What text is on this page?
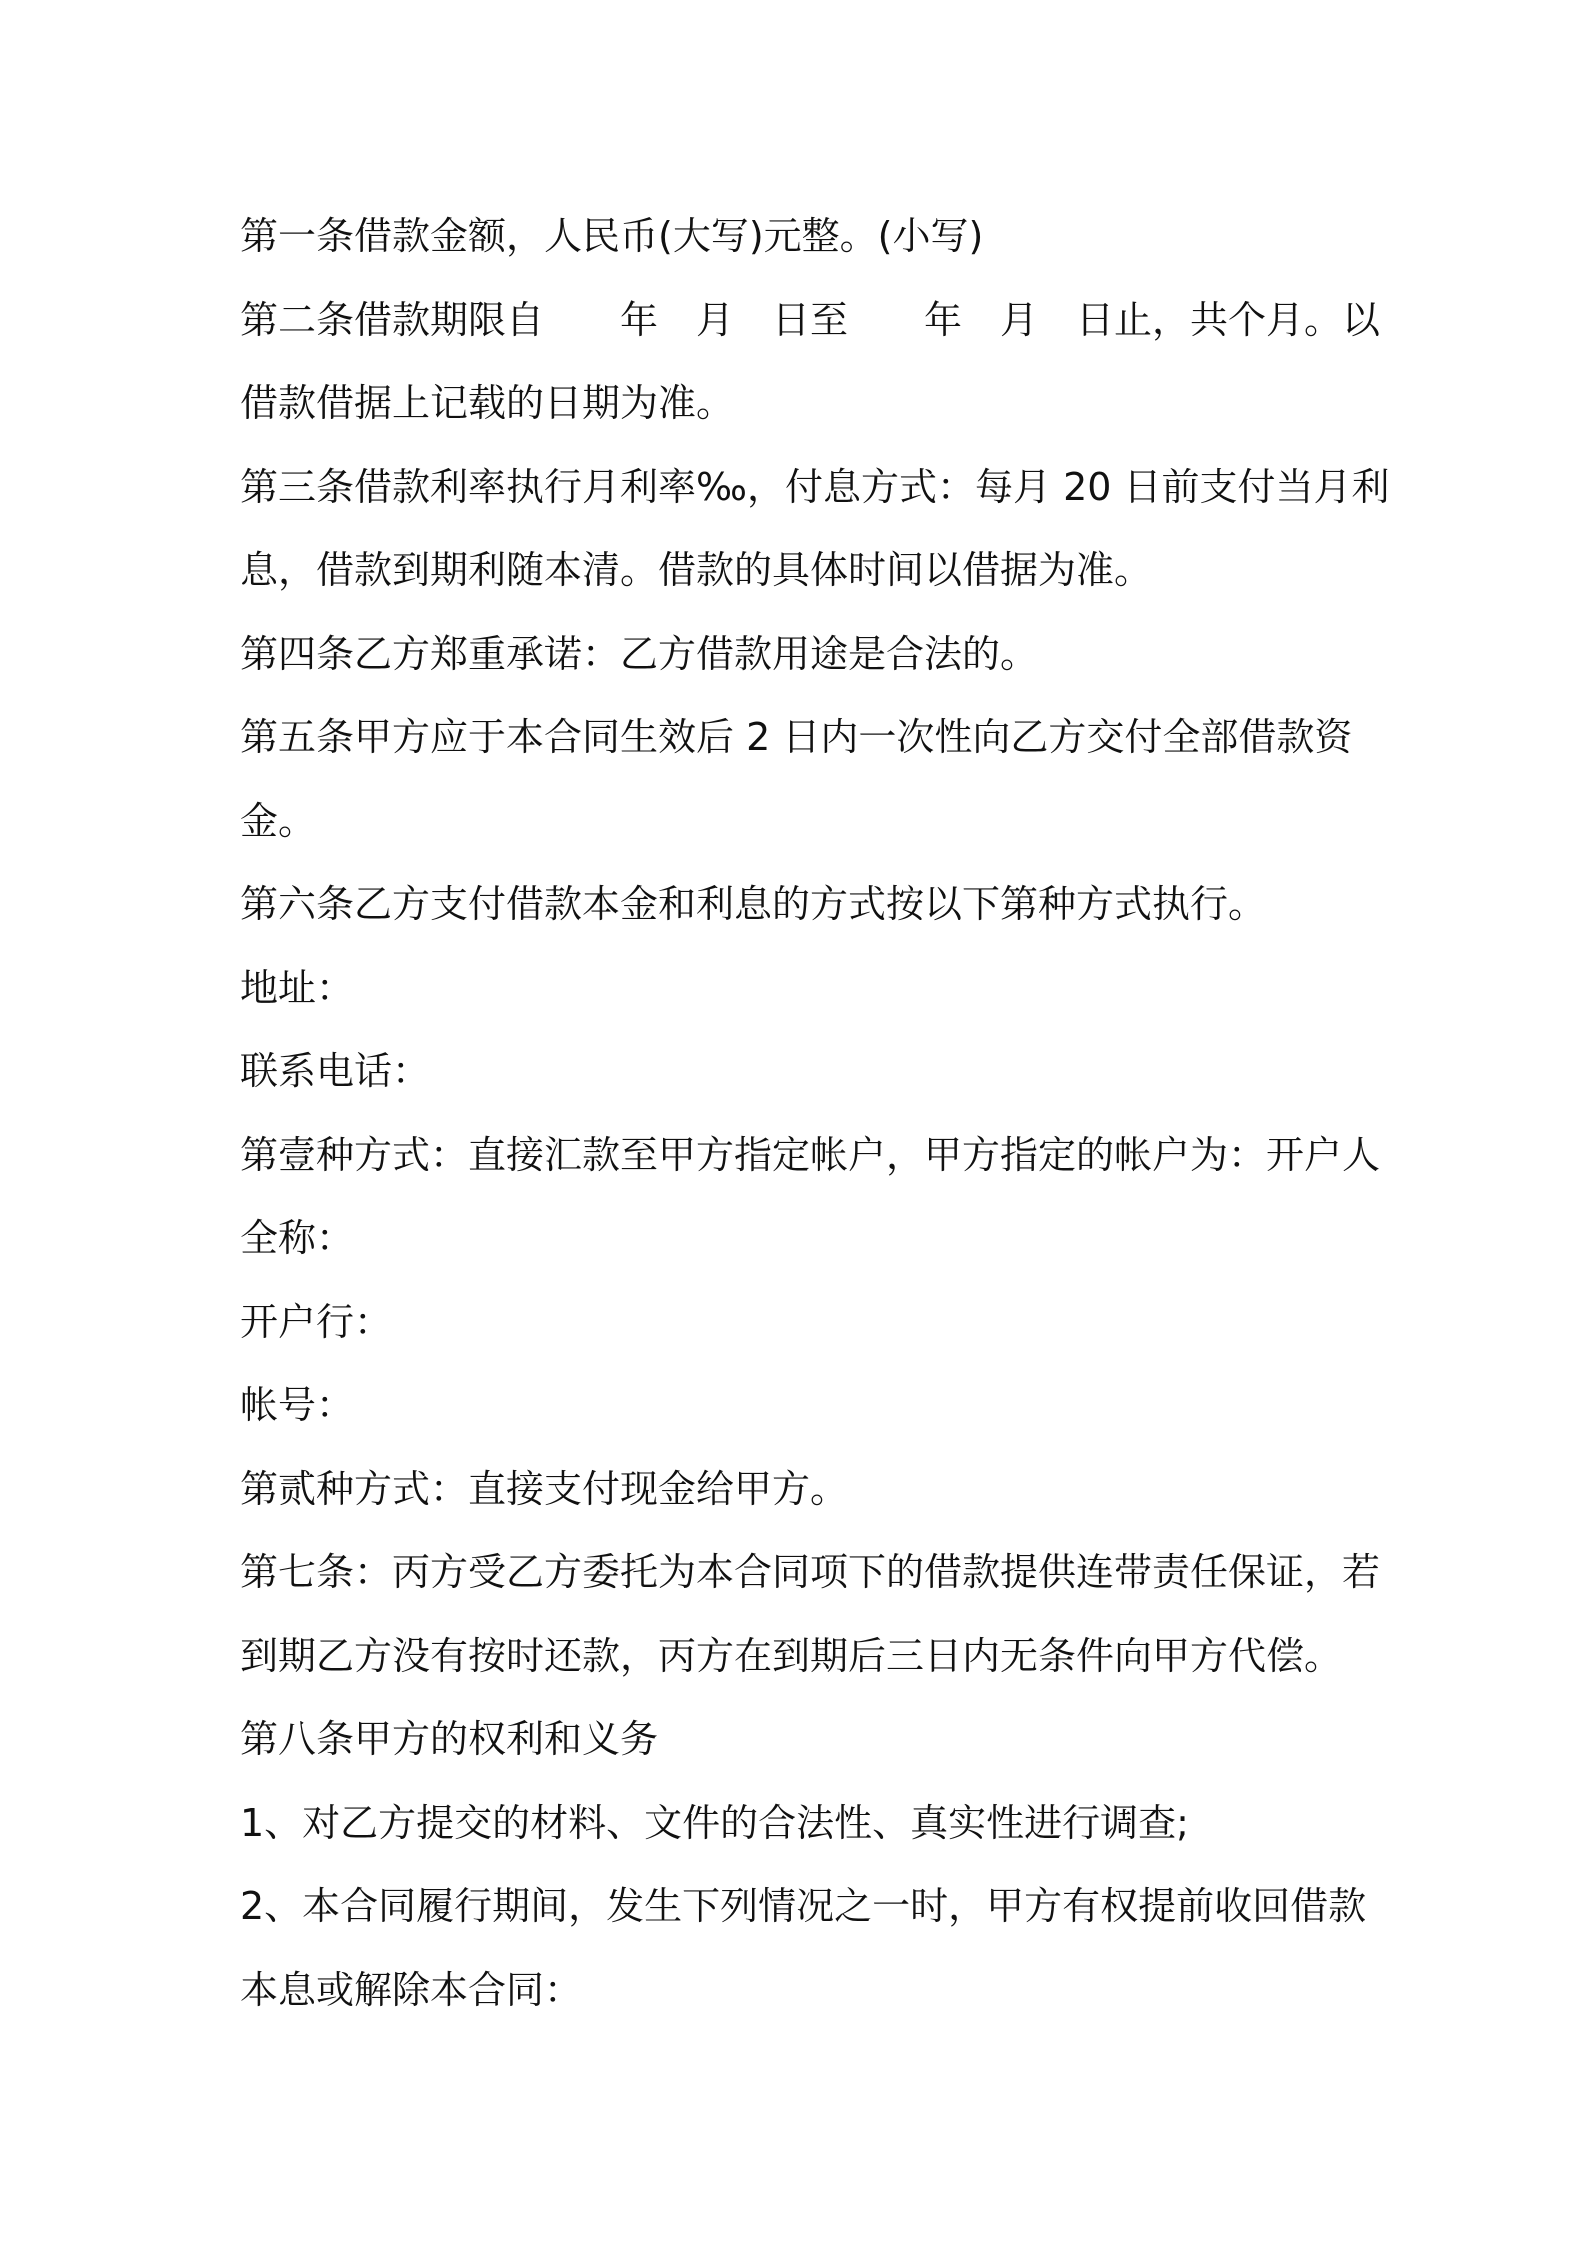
第一条借款金额，人民币(大写)元整。(小写)

第二条借款期限自　　年　月　日至　　年　月　日止，共个月。以

借款借据上记载的日期为准。

第三条借款利率执行月利率‰，付息方式：每月 20 日前支付当月利

息，借款到期利随本清。借款的具体时间以借据为准。

第四条乙方郑重承诺：乙方借款用途是合法的。

第五条甲方应于本合同生效后 2 日内一次性向乙方交付全部借款资

金。

第六条乙方支付借款本金和利息的方式按以下第种方式执行。

地址：

联系电话：

第壹种方式：直接汇款至甲方指定帐户，甲方指定的帐户为：开户人

全称：

开户行：

帐号：

第贰种方式：直接支付现金给甲方。

第七条：丙方受乙方委托为本合同项下的借款提供连带责任保证，若

到期乙方没有按时还款，丙方在到期后三日内无条件向甲方代偿。

第八条甲方的权利和义务

1、对乙方提交的材料、文件的合法性、真实性进行调查;

2、本合同履行期间，发生下列情况之一时，甲方有权提前收回借款

本息或解除本合同：
